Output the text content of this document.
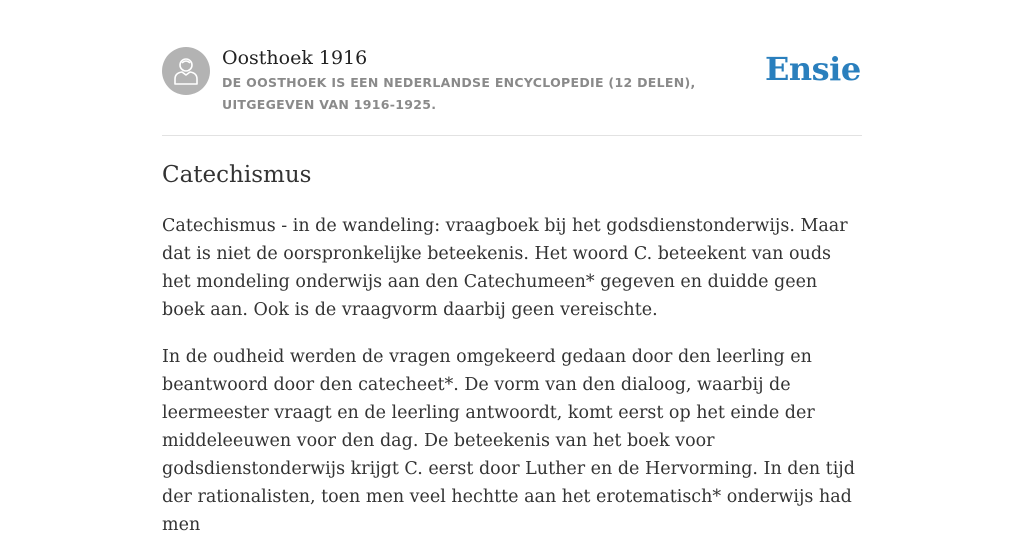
Oosthoek 1916
DE OOSTHOEK IS EEN NEDERLANDSE ENCYCLOPEDIE (12 DELEN), UITGEGEVEN VAN 1916-1925.
Ensie
Catechismus

Catechismus - in de wandeling: vraagboek bij het godsdienstonderwijs. Maar dat is niet de oorspronkelijke beteekenis. Het woord C. beteekent van ouds het mondeling onderwijs aan den Catechumeen* gegeven en duidde geen boek aan. Ook is de vraagvorm daarbij geen vereischte.

In de oudheid werden de vragen omgekeerd gedaan door den leerling en beantwoord door den catecheet*. De vorm van den dialoog, waarbij de leermeester vraagt en de leerling antwoordt, komt eerst op het einde der middeleeuwen voor den dag. De beteekenis van het boek voor godsdienstonderwijs krijgt C. eerst door Luther en de Hervorming. In den tijd der rationalisten, toen men veel hechtte aan het erotematisch* onderwijs had men
